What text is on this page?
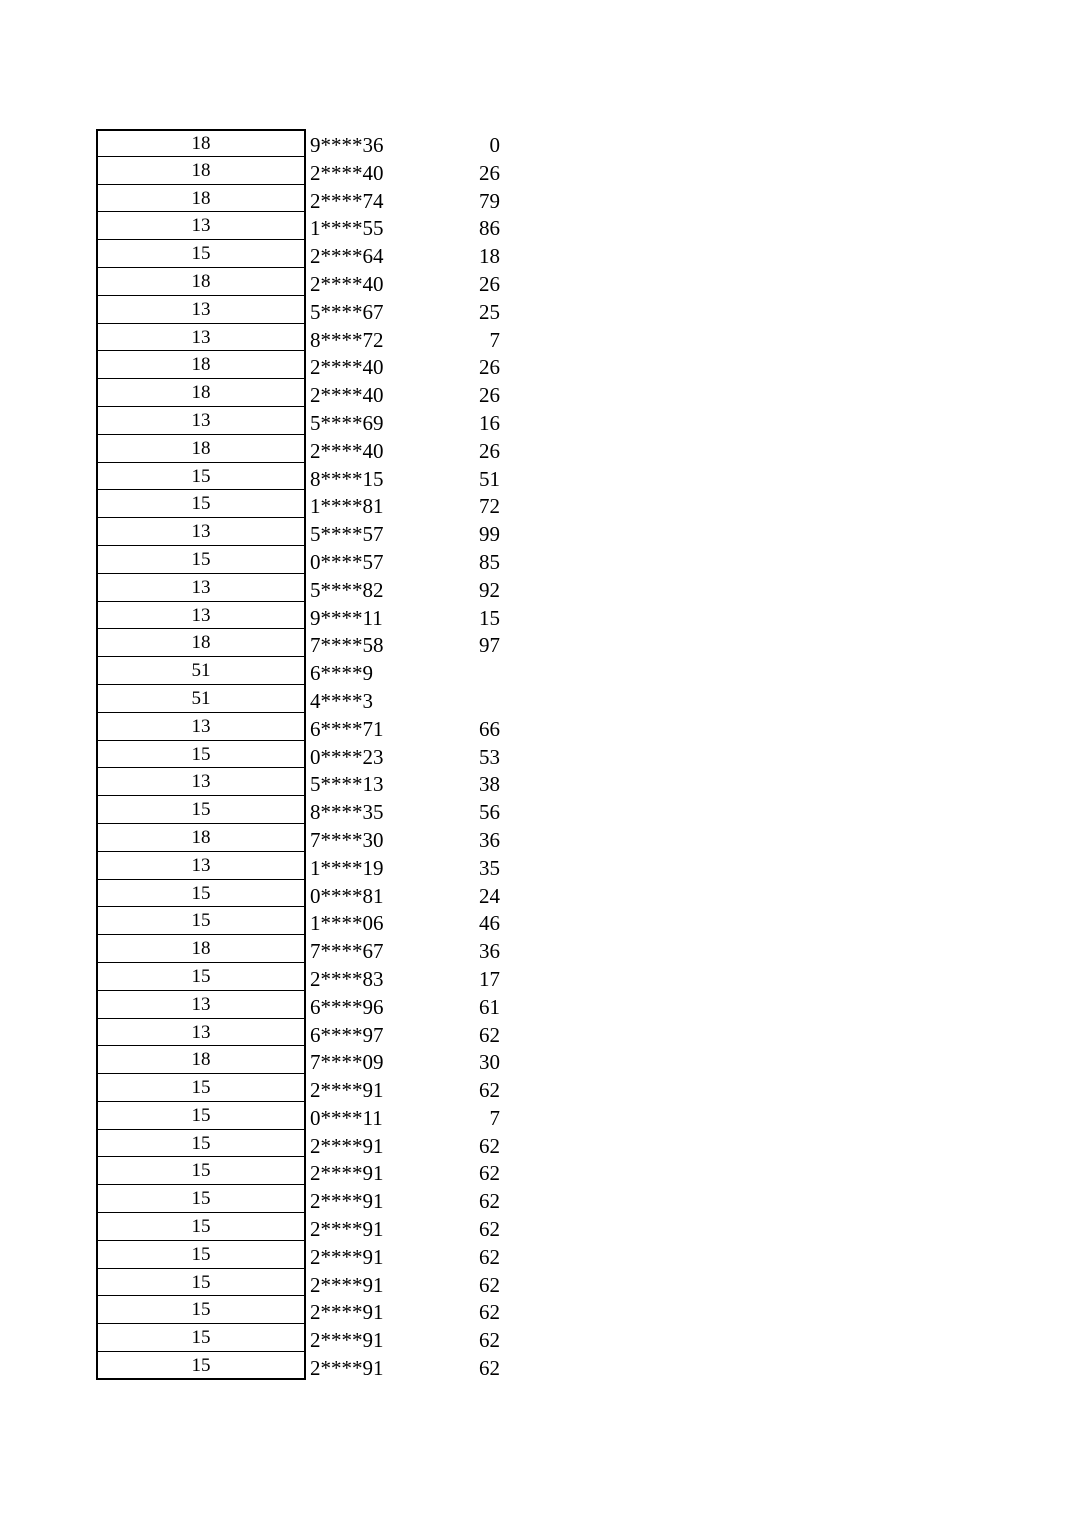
18	9****36	0
18	2****40	26
18	2****74	79
13	1****55	86
15	2****64	18
18	2****40	26
13	5****67	25
13	8****72	7
18	2****40	26
18	2****40	26
13	5****69	16
18	2****40	26
15	8****15	51
15	1****81	72
13	5****57	99
15	0****57	85
13	5****82	92
13	9****11	15
18	7****58	97
51	6****9
51	4****3
13	6****71	66
15	0****23	53
13	5****13	38
15	8****35	56
18	7****30	36
13	1****19	35
15	0****81	24
15	1****06	46
18	7****67	36
15	2****83	17
13	6****96	61
13	6****97	62
18	7****09	30
15	2****91	62
15	0****11	7
15	2****91	62
15	2****91	62
15	2****91	62
15	2****91	62
15	2****91	62
15	2****91	62
15	2****91	62
15	2****91	62
15	2****91	62
